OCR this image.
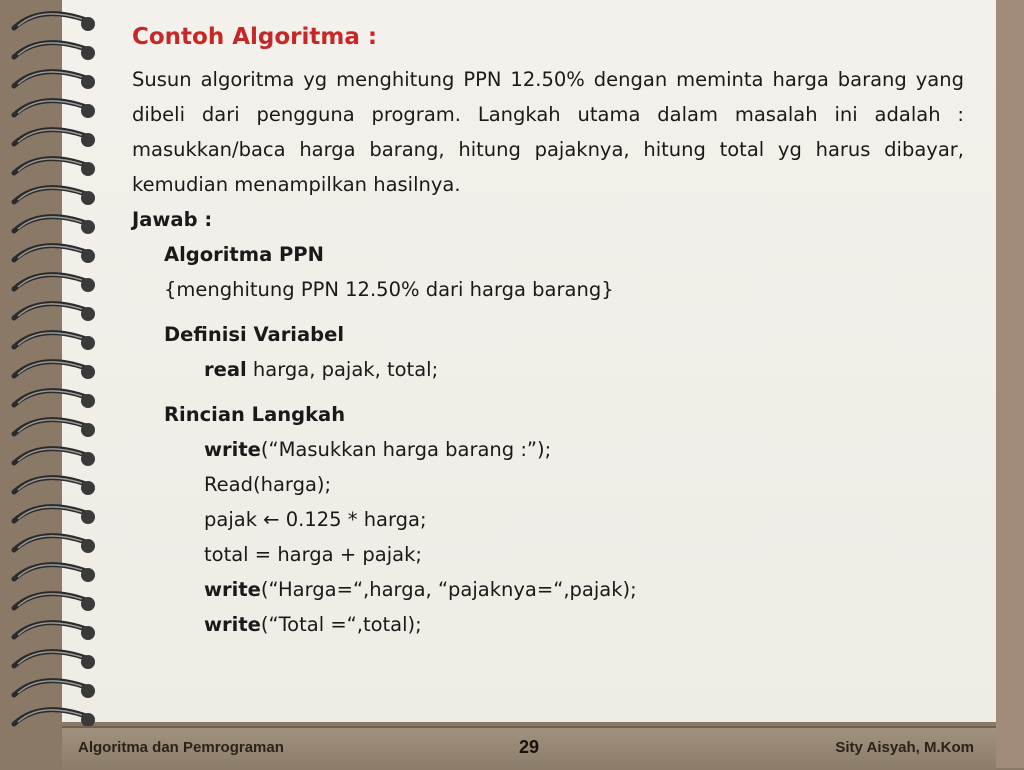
Contoh Algoritma :

Susun algoritma yg menghitung PPN 12.50% dengan meminta harga barang yang dibeli dari pengguna program. Langkah utama dalam masalah ini adalah : masukkan/baca harga barang, hitung pajaknya, hitung total yg harus dibayar, kemudian menampilkan hasilnya.

Jawab :
Algoritma PPN
{menghitung PPN 12.50% dari harga barang}
Definisi Variabel
real harga, pajak, total;
Rincian Langkah
write(“Masukkan harga barang :”);
Read(harga);
pajak ← 0.125 * harga;
total = harga + pajak;
write(“Harga=“,harga, “pajaknya=“,pajak);
write(“Total =“,total);
Algoritma dan Pemrograman	29	Sity Aisyah, M.Kom
